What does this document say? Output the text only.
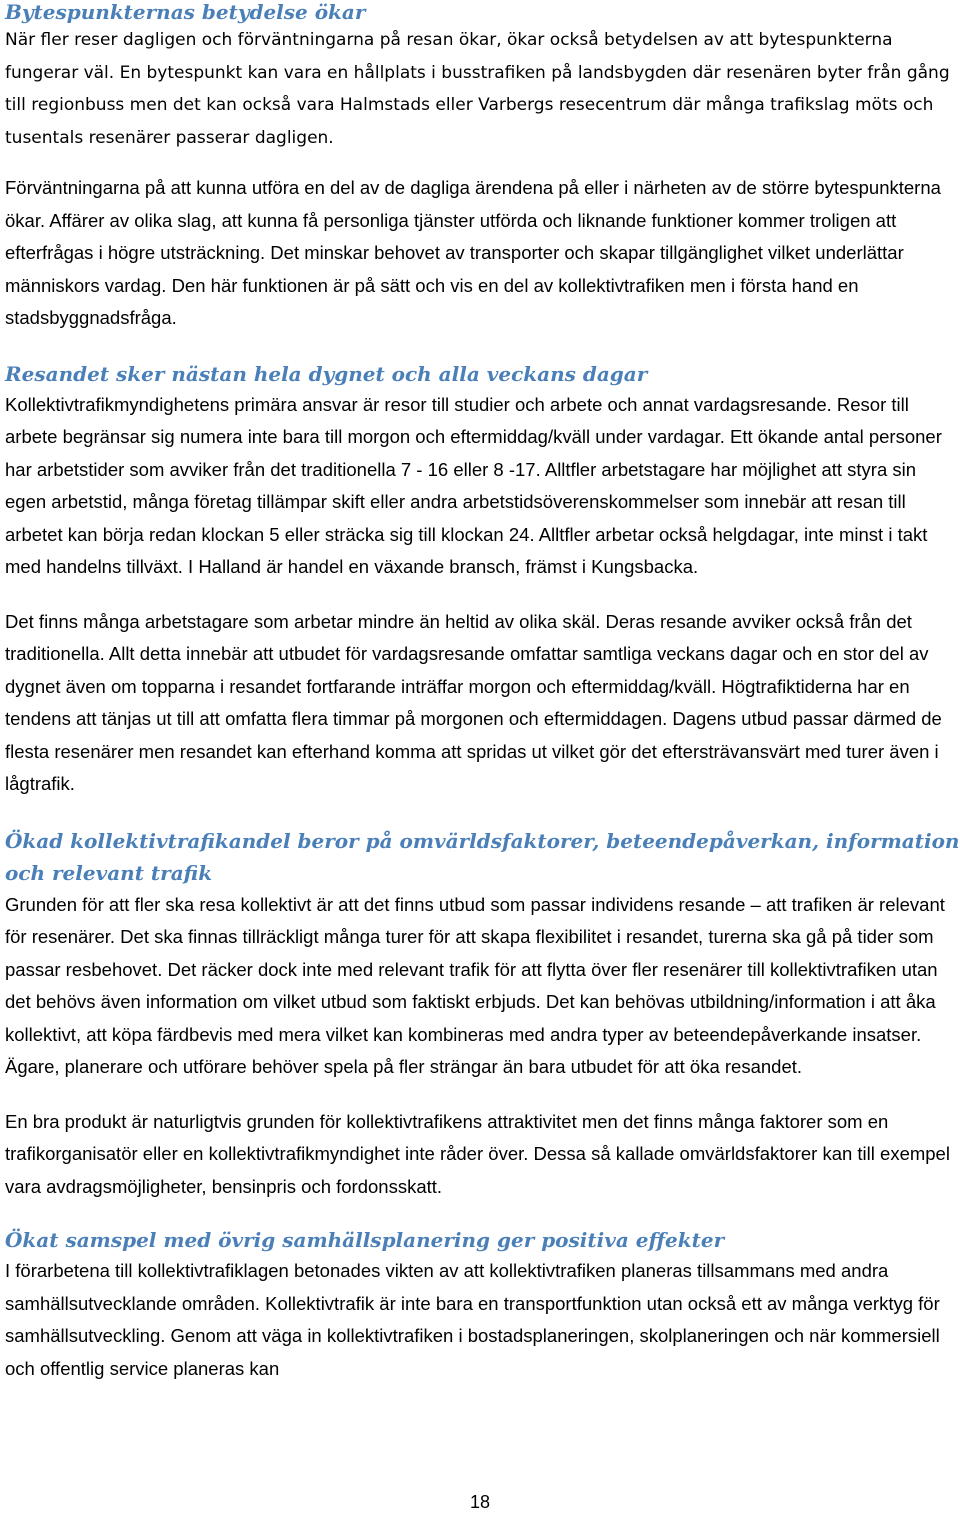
Bytespunkternas betydelse ökar

När fler reser dagligen och förväntningarna på resan ökar, ökar också betydelsen av att bytespunkterna fungerar väl. En bytespunkt kan vara en hållplats i busstrafiken på landsbygden där resenären byter från gång till regionbuss men det kan också vara Halmstads eller Varbergs resecentrum där många trafikslag möts och tusentals resenärer passerar dagligen.

Förväntningarna på att kunna utföra en del av de dagliga ärendena på eller i närheten av de större bytespunkterna ökar. Affärer av olika slag, att kunna få personliga tjänster utförda och liknande funktioner kommer troligen att efterfrågas i högre utsträckning. Det minskar behovet av transporter och skapar tillgänglighet vilket underlättar människors vardag. Den här funktionen är på sätt och vis en del av kollektivtrafiken men i första hand en stadsbyggnadsfråga.

Resandet sker nästan hela dygnet och alla veckans dagar

Kollektivtrafikmyndighetens primära ansvar är resor till studier och arbete och annat vardagsresande. Resor till arbete begränsar sig numera inte bara till morgon och eftermiddag/kväll under vardagar. Ett ökande antal personer har arbetstider som avviker från det traditionella 7 - 16 eller 8 -17. Alltfler arbetstagare har möjlighet att styra sin egen arbetstid, många företag tillämpar skift eller andra arbetstidsöverenskommelser som innebär att resan till arbetet kan börja redan klockan 5 eller sträcka sig till klockan 24. Alltfler arbetar också helgdagar, inte minst i takt med handelns tillväxt. I Halland är handel en växande bransch, främst i Kungsbacka.

Det finns många arbetstagare som arbetar mindre än heltid av olika skäl. Deras resande avviker också från det traditionella. Allt detta innebär att utbudet för vardagsresande omfattar samtliga veckans dagar och en stor del av dygnet även om topparna i resandet fortfarande inträffar morgon och eftermiddag/kväll. Högtrafiktiderna har en tendens att tänjas ut till att omfatta flera timmar på morgonen och eftermiddagen. Dagens utbud passar därmed de flesta resenärer men resandet kan efterhand komma att spridas ut vilket gör det eftersträvansvärt med turer även i lågtrafik.

Ökad kollektivtrafikandel beror på omvärldsfaktorer, beteendepåverkan, information och relevant trafik

Grunden för att fler ska resa kollektivt är att det finns utbud som passar individens resande – att trafiken är relevant för resenärer. Det ska finnas tillräckligt många turer för att skapa flexibilitet i resandet, turerna ska gå på tider som passar resbehovet. Det räcker dock inte med relevant trafik för att flytta över fler resenärer till kollektivtrafiken utan det behövs även information om vilket utbud som faktiskt erbjuds. Det kan behövas utbildning/information i att åka kollektivt, att köpa färdbevis med mera vilket kan kombineras med andra typer av beteendepåverkande insatser. Ägare, planerare och utförare behöver spela på fler strängar än bara utbudet för att öka resandet.

En bra produkt är naturligtvis grunden för kollektivtrafikens attraktivitet men det finns många faktorer som en trafikorganisatör eller en kollektivtrafikmyndighet inte råder över. Dessa så kallade omvärldsfaktorer kan till exempel vara avdragsmöjligheter, bensinpris och fordonsskatt.

Ökat samspel med övrig samhällsplanering ger positiva effekter

I förarbetena till kollektivtrafiklagen betonades vikten av att kollektivtrafiken planeras tillsammans med andra samhällsutvecklande områden. Kollektivtrafik är inte bara en transportfunktion utan också ett av många verktyg för samhällsutveckling. Genom att väga in kollektivtrafiken i bostadsplaneringen, skolplaneringen och när kommersiell och offentlig service planeras kan

18
